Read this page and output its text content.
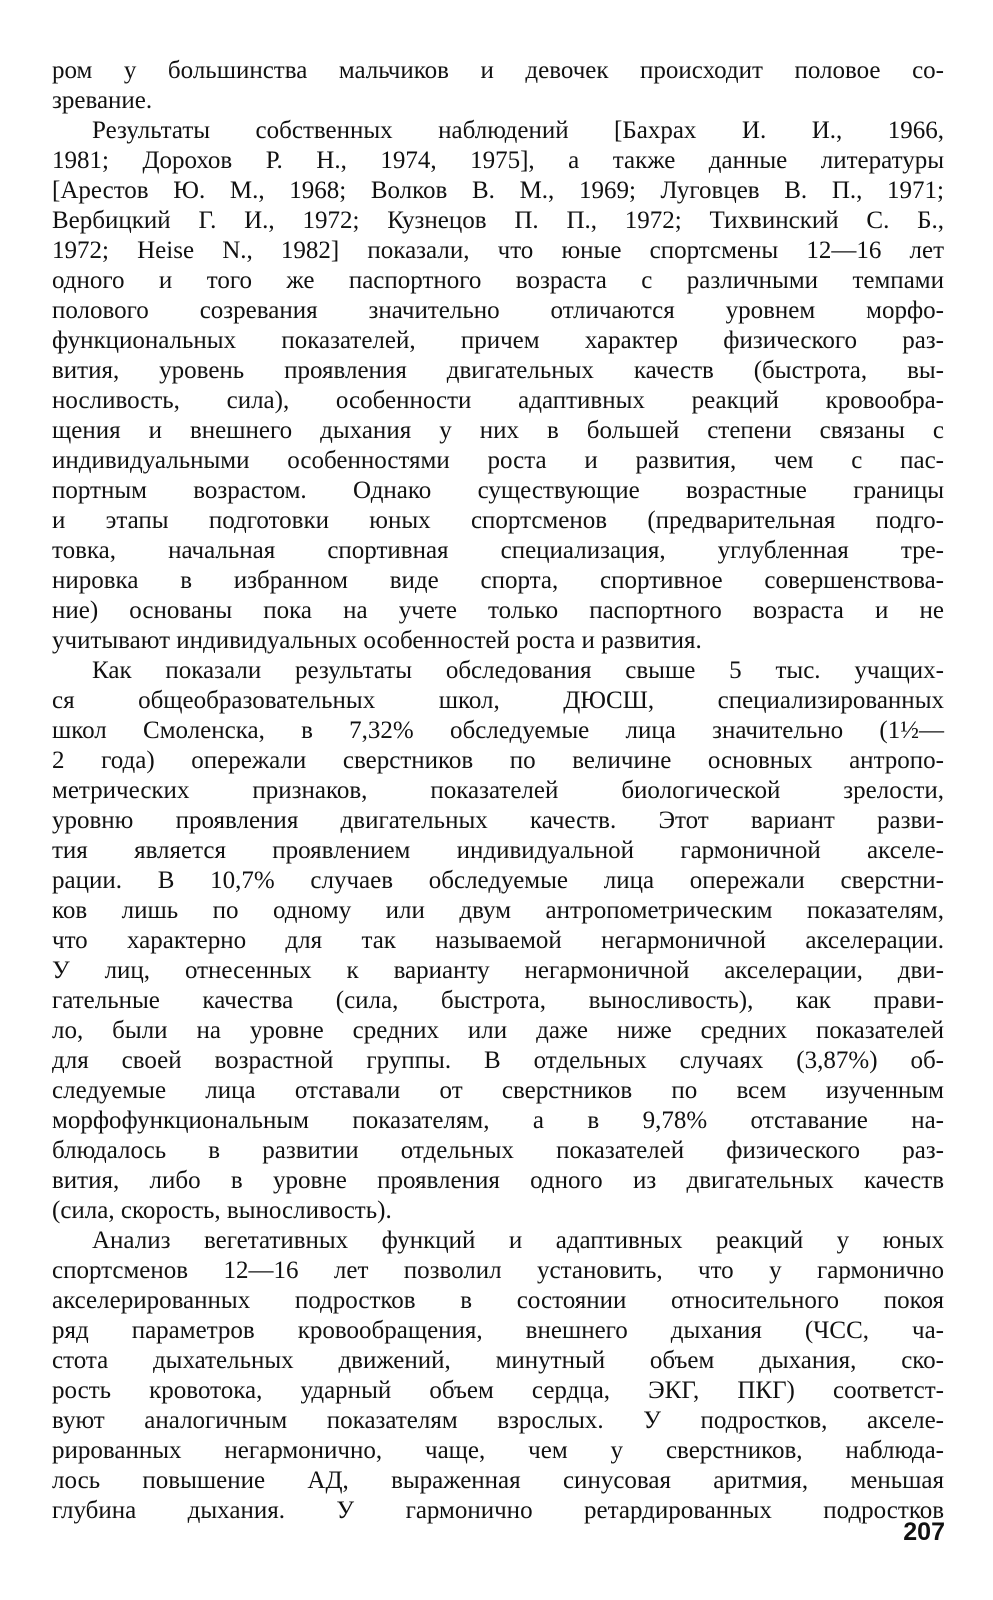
ром у большинства мальчиков и девочек происходит половое со-
зревание.
Результаты собственных наблюдений [Бахрах И. И., 1966,
1981; Дорохов Р. Н., 1974, 1975], а также данные литературы
[Арестов Ю. М., 1968; Волков В. М., 1969; Луговцев В. П., 1971;
Вербицкий Г. И., 1972; Кузнецов П. П., 1972; Тихвинский С. Б.,
1972; Heise N., 1982] показали, что юные спортсмены 12—16 лет
одного и того же паспортного возраста с различными темпами
полового созревания значительно отличаются уровнем морфо-
функциональных показателей, причем характер физического раз-
вития, уровень проявления двигательных качеств (быстрота, вы-
носливость, сила), особенности адаптивных реакций кровообра-
щения и внешнего дыхания у них в большей степени связаны с
индивидуальными особенностями роста и развития, чем с пас-
портным возрастом. Однако существующие возрастные границы
и этапы подготовки юных спортсменов (предварительная подго-
товка, начальная спортивная специализация, углубленная тре-
нировка в избранном виде спорта, спортивное совершенствова-
ние) основаны пока на учете только паспортного возраста и не
учитывают индивидуальных особенностей роста и развития.
Как показали результаты обследования свыше 5 тыс. учащих-
ся общеобразовательных школ, ДЮСШ, специализированных
школ Смоленска, в 7,32% обследуемые лица значительно (1½—
2 года) опережали сверстников по величине основных антропо-
метрических признаков, показателей биологической зрелости,
уровню проявления двигательных качеств. Этот вариант разви-
тия является проявлением индивидуальной гармоничной акселе-
рации. В 10,7% случаев обследуемые лица опережали сверстни-
ков лишь по одному или двум антропометрическим показателям,
что характерно для так называемой негармоничной акселерации.
У лиц, отнесенных к варианту негармоничной акселерации, дви-
гательные качества (сила, быстрота, выносливость), как прави-
ло, были на уровне средних или даже ниже средних показателей
для своей возрастной группы. В отдельных случаях (3,87%) об-
следуемые лица отставали от сверстников по всем изученным
морфофункциональным показателям, а в 9,78% отставание на-
блюдалось в развитии отдельных показателей физического раз-
вития, либо в уровне проявления одного из двигательных качеств
(сила, скорость, выносливость).
Анализ вегетативных функций и адаптивных реакций у юных
спортсменов 12—16 лет позволил установить, что у гармонично
акселерированных подростков в состоянии относительного покоя
ряд параметров кровообращения, внешнего дыхания (ЧСС, ча-
стота дыхательных движений, минутный объем дыхания, ско-
рость кровотока, ударный объем сердца, ЭКГ, ПКГ) соответст-
вуют аналогичным показателям взрослых. У подростков, акселе-
рированных негармонично, чаще, чем у сверстников, наблюда-
лось повышение АД, выраженная синусовая аритмия, меньшая
глубина дыхания. У гармонично ретардированных подростков
207
